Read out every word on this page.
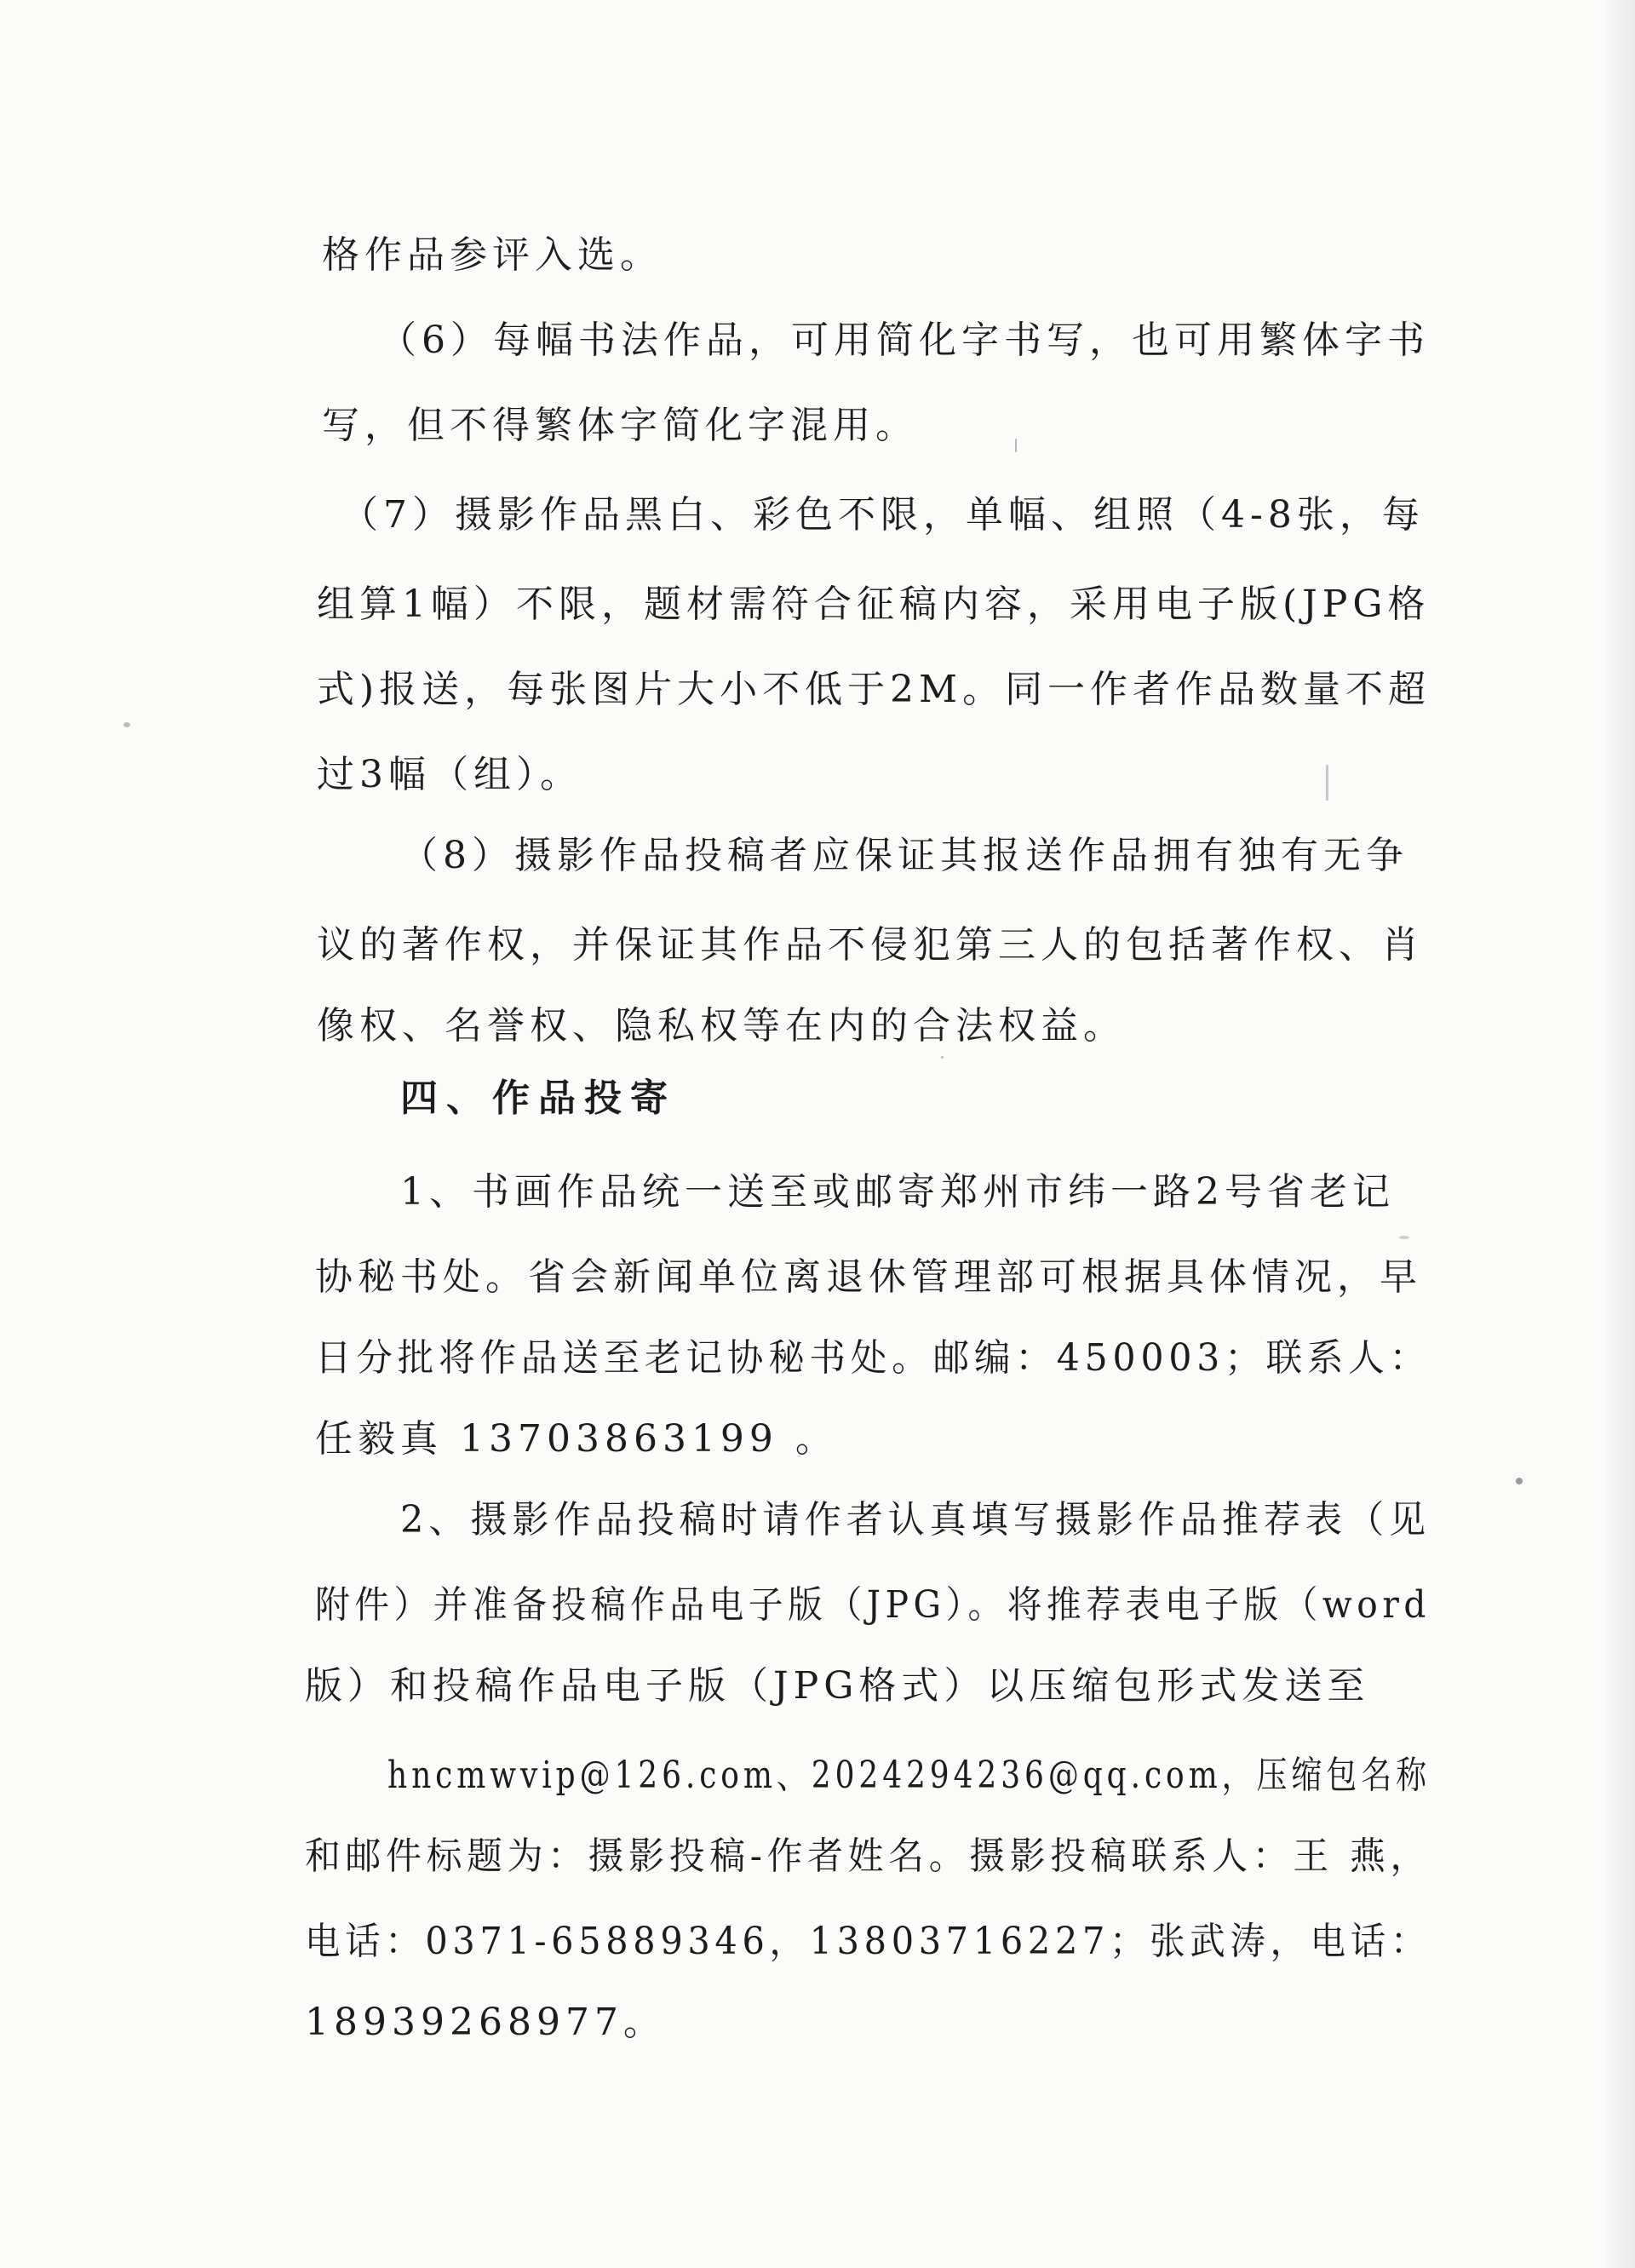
格作品参评入选。

（6）每幅书法作品，可用简化字书写，也可用繁体字书

写，但不得繁体字简化字混用。

（7）摄影作品黑白、彩色不限，单幅、组照（4-8张，每

组算1幅）不限，题材需符合征稿内容，采用电子版(JPG格

式)报送，每张图片大小不低于2M。同一作者作品数量不超

过3幅（组）。

（8）摄影作品投稿者应保证其报送作品拥有独有无争

议的著作权，并保证其作品不侵犯第三人的包括著作权、肖

像权、名誉权、隐私权等在内的合法权益。

四、作品投寄

1、书画作品统一送至或邮寄郑州市纬一路2号省老记

协秘书处。省会新闻单位离退休管理部可根据具体情况，早

日分批将作品送至老记协秘书处。邮编：450003；联系人：

任毅真 13703863199 。

2、摄影作品投稿时请作者认真填写摄影作品推荐表（见

附件）并准备投稿作品电子版（JPG）。将推荐表电子版（word

版）和投稿作品电子版（JPG格式）以压缩包形式发送至

hncmwvip@126.com、2024294236@qq.com，压缩包名称

和邮件标题为：摄影投稿-作者姓名。摄影投稿联系人：王 燕，

电话：0371-65889346，13803716227；张武涛，电话：

18939268977。
